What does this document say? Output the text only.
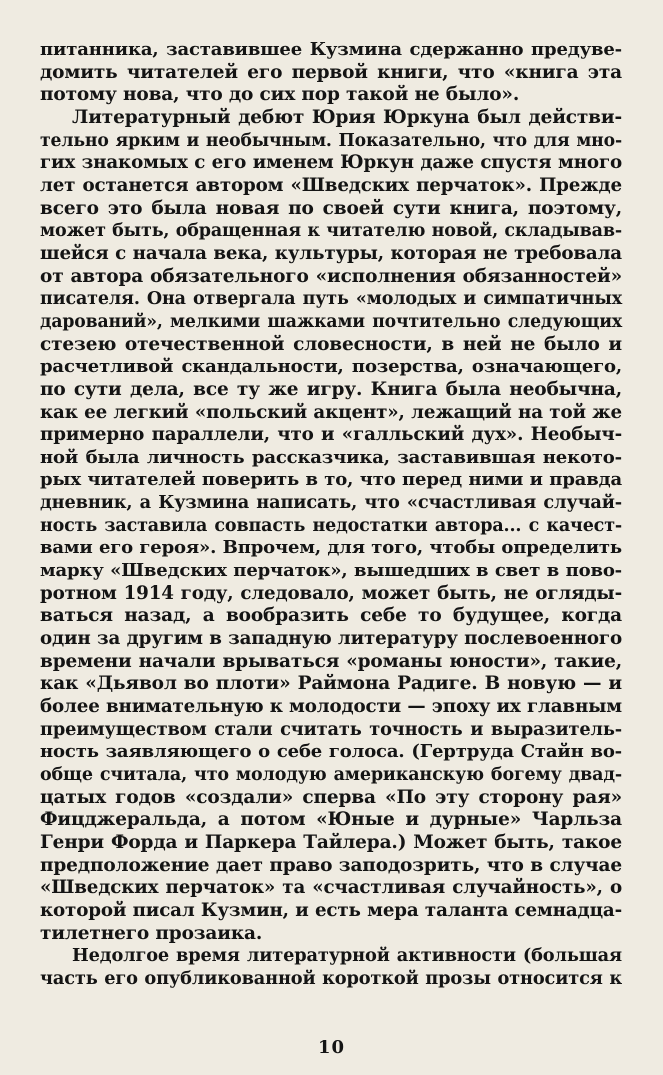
питанника, заставившее Кузмина сдержанно предуве-
домить читателей его первой книги, что «книга эта
потому нова, что до сих пор такой не было».
Литературный дебют Юрия Юркуна был действи-
тельно ярким и необычным. Показательно, что для мно-
гих знакомых с его именем Юркун даже спустя много
лет останется автором «Шведских перчаток». Прежде
всего это была новая по своей сути книга, поэтому,
может быть, обращенная к читателю новой, складывав-
шейся с начала века, культуры, которая не требовала
от автора обязательного «исполнения обязанностей»
писателя. Она отвергала путь «молодых и симпатичных
дарований», мелкими шажками почтительно следующих
стезею отечественной словесности, в ней не было и
расчетливой скандальности, позерства, означающего,
по сути дела, все ту же игру. Книга была необычна,
как ее легкий «польский акцент», лежащий на той же
примерно параллели, что и «галльский дух». Необыч-
ной была личность рассказчика, заставившая некото-
рых читателей поверить в то, что перед ними и правда
дневник, а Кузмина написать, что «счастливая случай-
ность заставила совпасть недостатки автора... с качест-
вами его героя». Впрочем, для того, чтобы определить
марку «Шведских перчаток», вышедших в свет в пово-
ротном 1914 году, следовало, может быть, не огляды-
ваться назад, а вообразить себе то будущее, когда
один за другим в западную литературу послевоенного
времени начали врываться «романы юности», такие,
как «Дьявол во плоти» Раймона Радиге. В новую — и
более внимательную к молодости — эпоху их главным
преимуществом стали считать точность и выразитель-
ность заявляющего о себе голоса. (Гертруда Стайн во-
обще считала, что молодую американскую богему двад-
цатых годов «создали» сперва «По эту сторону рая»
Фицджеральда, а потом «Юные и дурные» Чарльза
Генри Форда и Паркера Тайлера.) Может быть, такое
предположение дает право заподозрить, что в случае
«Шведских перчаток» та «счастливая случайность», о
которой писал Кузмин, и есть мера таланта семнадца-
тилетнего прозаика.
Недолгое время литературной активности (большая
часть его опубликованной короткой прозы относится к
10
